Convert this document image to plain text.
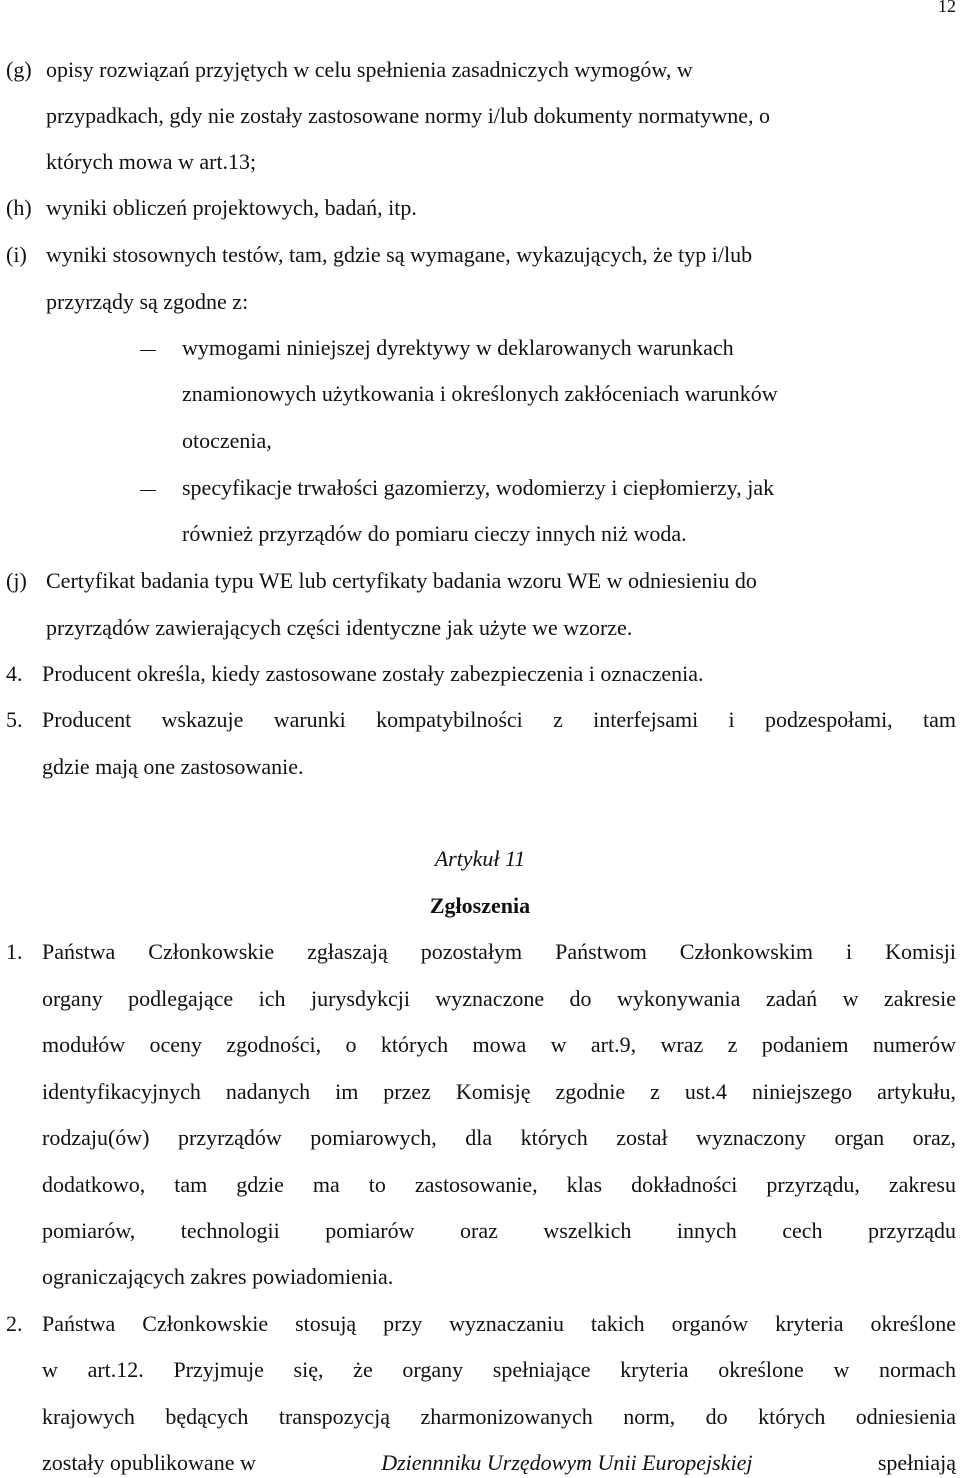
12
(g) opisy rozwiązań przyjętych w celu spełnienia zasadniczych wymogów, w
przypadkach, gdy nie zostały zastosowane normy i/lub dokumenty normatywne, o
których mowa w art.13;
(h) wyniki obliczeń projektowych, badań, itp.
(i) wyniki stosownych testów, tam, gdzie są wymagane, wykazujących, że typ i/lub
przyrządy są zgodne z:
wymogami niniejszej dyrektywy w deklarowanych warunkach
znamionowych użytkowania i określonych zakłóceniach warunków
otoczenia,
specyfikacje trwałości gazomierzy, wodomierzy i ciepłomierzy, jak
również przyrządów do pomiaru cieczy innych niż woda.
(j) Certyfikat badania typu WE lub certyfikaty badania wzoru WE w odniesieniu do
przyrządów zawierających części identyczne jak użyte we wzorze.
4. Producent określa, kiedy zastosowane zostały zabezpieczenia i oznaczenia.
5. Producent wskazuje warunki kompatybilności z interfejsami i podzespołami, tam
gdzie mają one zastosowanie.
Artykuł 11
Zgłoszenia
1. Państwa Członkowskie zgłaszają pozostałym Państwom Członkowskim i Komisji
organy podlegające ich jurysdykcji wyznaczone do wykonywania zadań w zakresie
modułów oceny zgodności, o których mowa w art.9, wraz z podaniem numerów
identyfikacyjnych nadanych im przez Komisję zgodnie z ust.4 niniejszego artykułu,
rodzaju(ów) przyrządów pomiarowych, dla których został wyznaczony organ oraz,
dodatkowo, tam gdzie ma to zastosowanie, klas dokładności przyrządu, zakresu
pomiarów, technologii pomiarów oraz wszelkich innych cech przyrządu
ograniczających zakres powiadomienia.
2. Państwa Członkowskie stosują przy wyznaczaniu takich organów kryteria określone
w art.12. Przyjmuje się, że organy spełniające kryteria określone w normach
krajowych będących transpozycją zharmonizowanych norm, do których odniesienia
zostały opublikowane w	Dziennniku Urzędowym Unii Europejskiej	spełniają
